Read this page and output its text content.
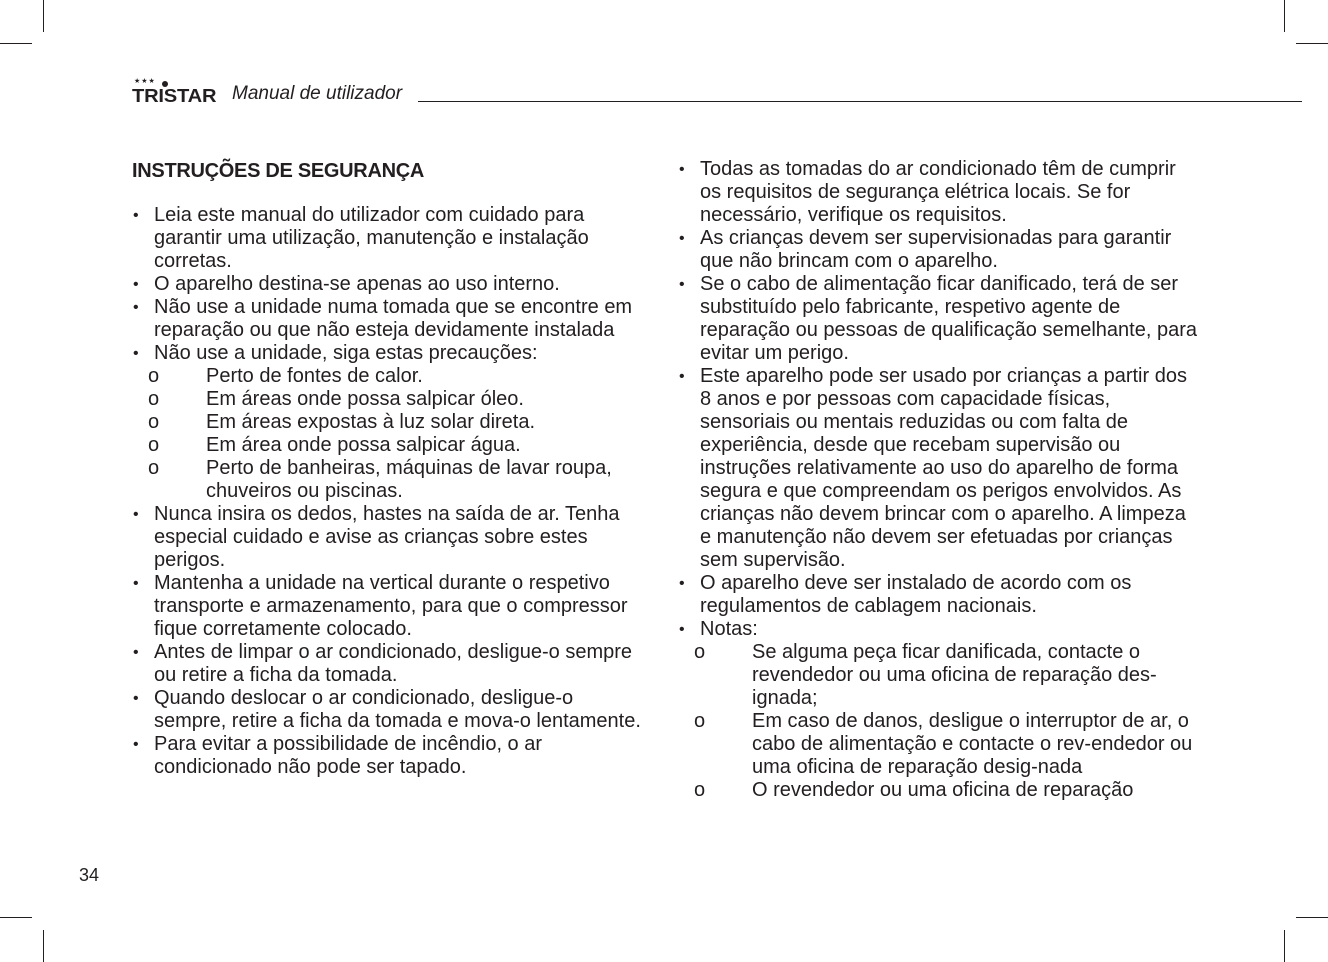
★★★
TRISTAR Manual de utilizador
INSTRUÇÕES DE SEGURANÇA
• Leia este manual do utilizador com cuidado para garantir uma utilização, manutenção e instalação corretas.
• O aparelho destina-se apenas ao uso interno.
• Não use a unidade numa tomada que se encontre em reparação ou que não esteja devidamente instalada
• Não use a unidade, siga estas precauções:
o Perto de fontes de calor.
o Em áreas onde possa salpicar óleo.
o Em áreas expostas à luz solar direta.
o Em área onde possa salpicar água.
o Perto de banheiras, máquinas de lavar roupa, chuveiros ou piscinas.
• Nunca insira os dedos, hastes na saída de ar. Tenha especial cuidado e avise as crianças sobre estes perigos.
• Mantenha a unidade na vertical durante o respetivo transporte e armazenamento, para que o compressor fique corretamente colocado.
• Antes de limpar o ar condicionado, desligue-o sempre ou retire a ficha da tomada.
• Quando deslocar o ar condicionado, desligue-o sempre, retire a ficha da tomada e mova-o lentamente.
• Para evitar a possibilidade de incêndio, o ar condicionado não pode ser tapado.
• Todas as tomadas do ar condicionado têm de cumprir os requisitos de segurança elétrica locais. Se for necessário, verifique os requisitos.
• As crianças devem ser supervisionadas para garantir que não brincam com o aparelho.
• Se o cabo de alimentação ficar danificado, terá de ser substituído pelo fabricante, respetivo agente de reparação ou pessoas de qualificação semelhante, para evitar um perigo.
• Este aparelho pode ser usado por crianças a partir dos 8 anos e por pessoas com capacidade físicas, sensoriais ou mentais reduzidas ou com falta de experiência, desde que recebam supervisão ou instruções relativamente ao uso do aparelho de forma segura e que compreendam os perigos envolvidos. As crianças não devem brincar com o aparelho. A limpeza e manutenção não devem ser efetuadas por crianças sem supervisão.
• O aparelho deve ser instalado de acordo com os regulamentos de cablagem nacionais.
• Notas:
o Se alguma peça ficar danificada, contacte o revendedor ou uma oficina de reparação des-ignada;
o Em caso de danos, desligue o interruptor de ar, o cabo de alimentação e contacte o rev-endedor ou uma oficina de reparação desig-nada
o O revendedor ou uma oficina de reparação
34
